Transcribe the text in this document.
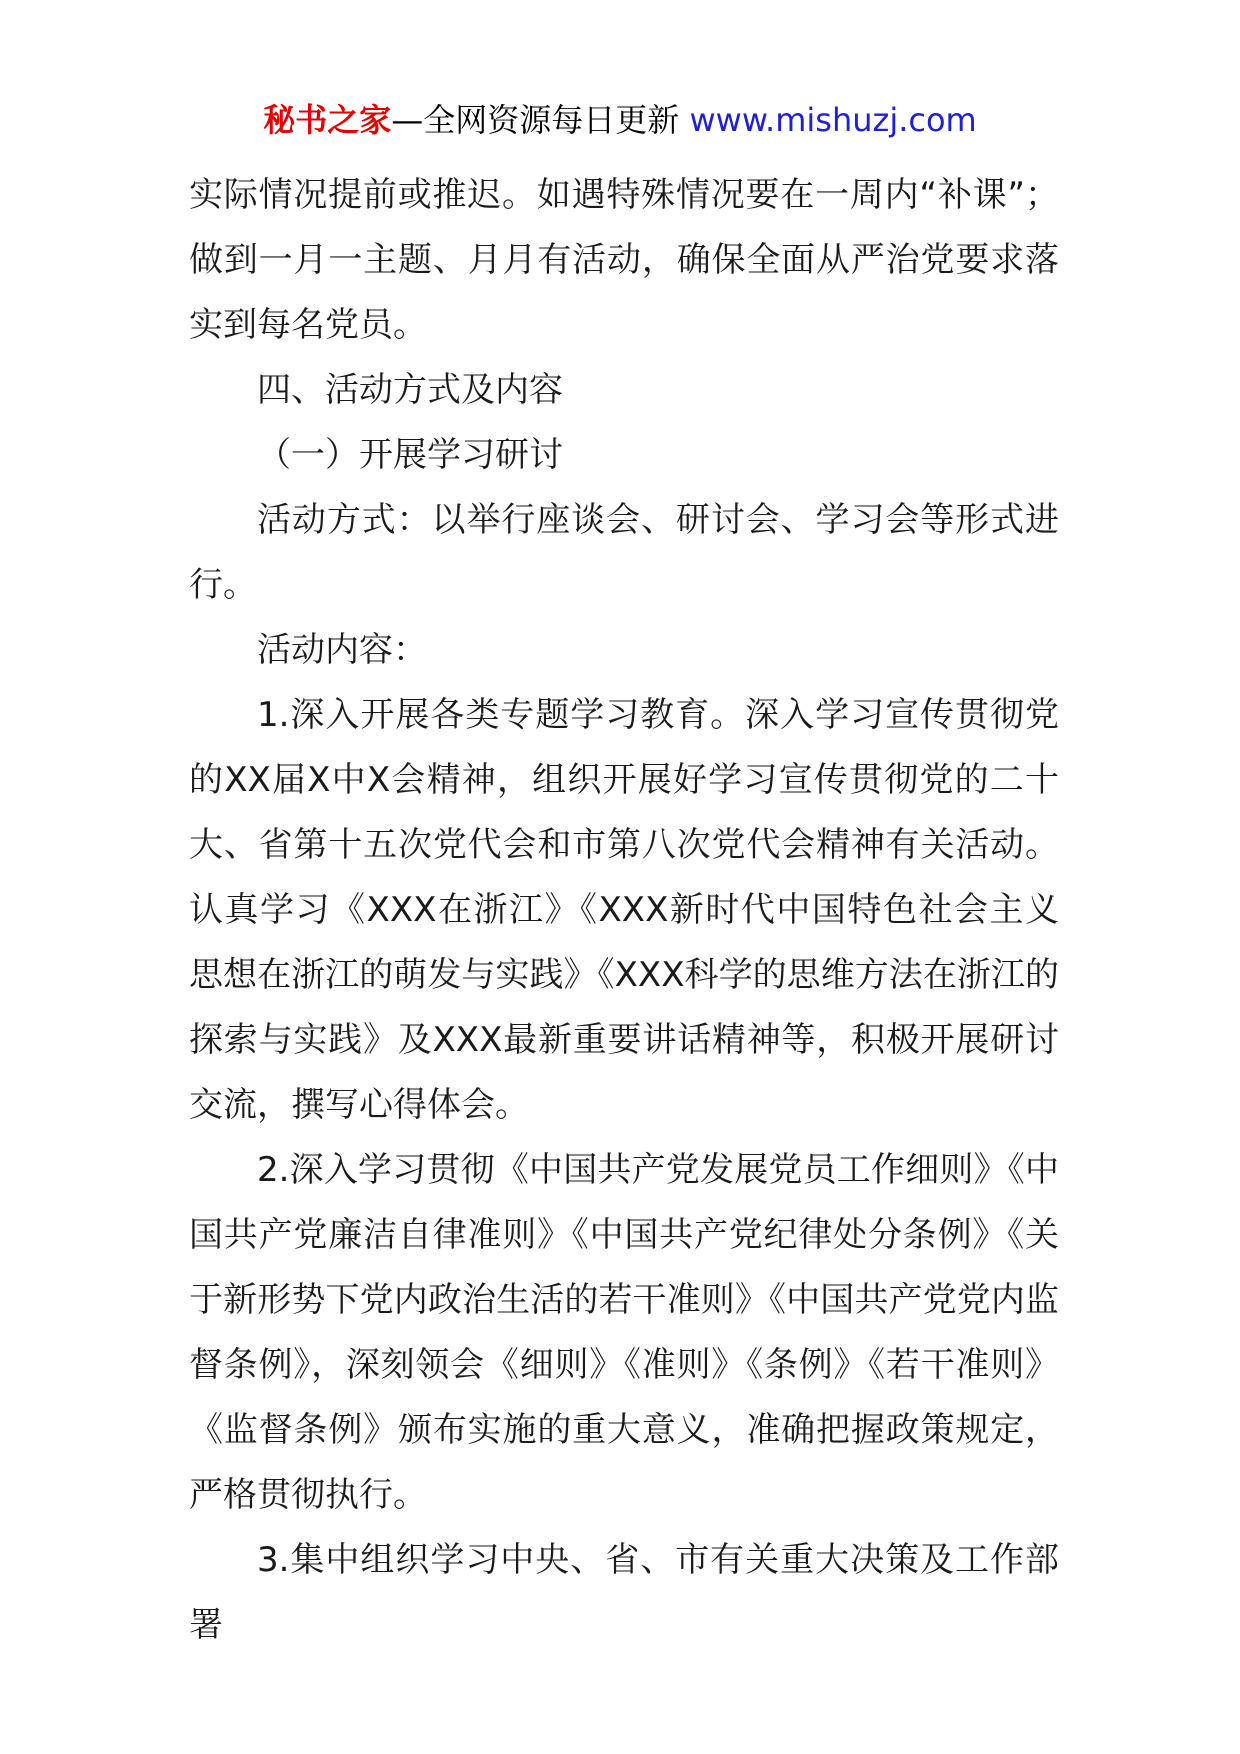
秘书之家—全网资源每日更新 www.mishuzj.com

实际情况提前或推迟。如遇特殊情况要在一周内“补课”；做到一月一主题、月月有活动，确保全面从严治党要求落实到每名党员。

四、活动方式及内容

（一）开展学习研讨

活动方式：以举行座谈会、研讨会、学习会等形式进行。

活动内容：

1.深入开展各类专题学习教育。深入学习宣传贯彻党的XX届X中X会精神，组织开展好学习宣传贯彻党的二十大、省第十五次党代会和市第八次党代会精神有关活动。认真学习《XXX在浙江》《XXX新时代中国特色社会主义思想在浙江的萌发与实践》《XXX科学的思维方法在浙江的探索与实践》及XXX最新重要讲话精神等，积极开展研讨交流，撰写心得体会。

2.深入学习贯彻《中国共产党发展党员工作细则》《中国共产党廉洁自律准则》《中国共产党纪律处分条例》《关于新形势下党内政治生活的若干准则》《中国共产党党内监督条例》，深刻领会《细则》《准则》《条例》《若干准则》《监督条例》颁布实施的重大意义，准确把握政策规定，严格贯彻执行。

3.集中组织学习中央、省、市有关重大决策及工作部署
